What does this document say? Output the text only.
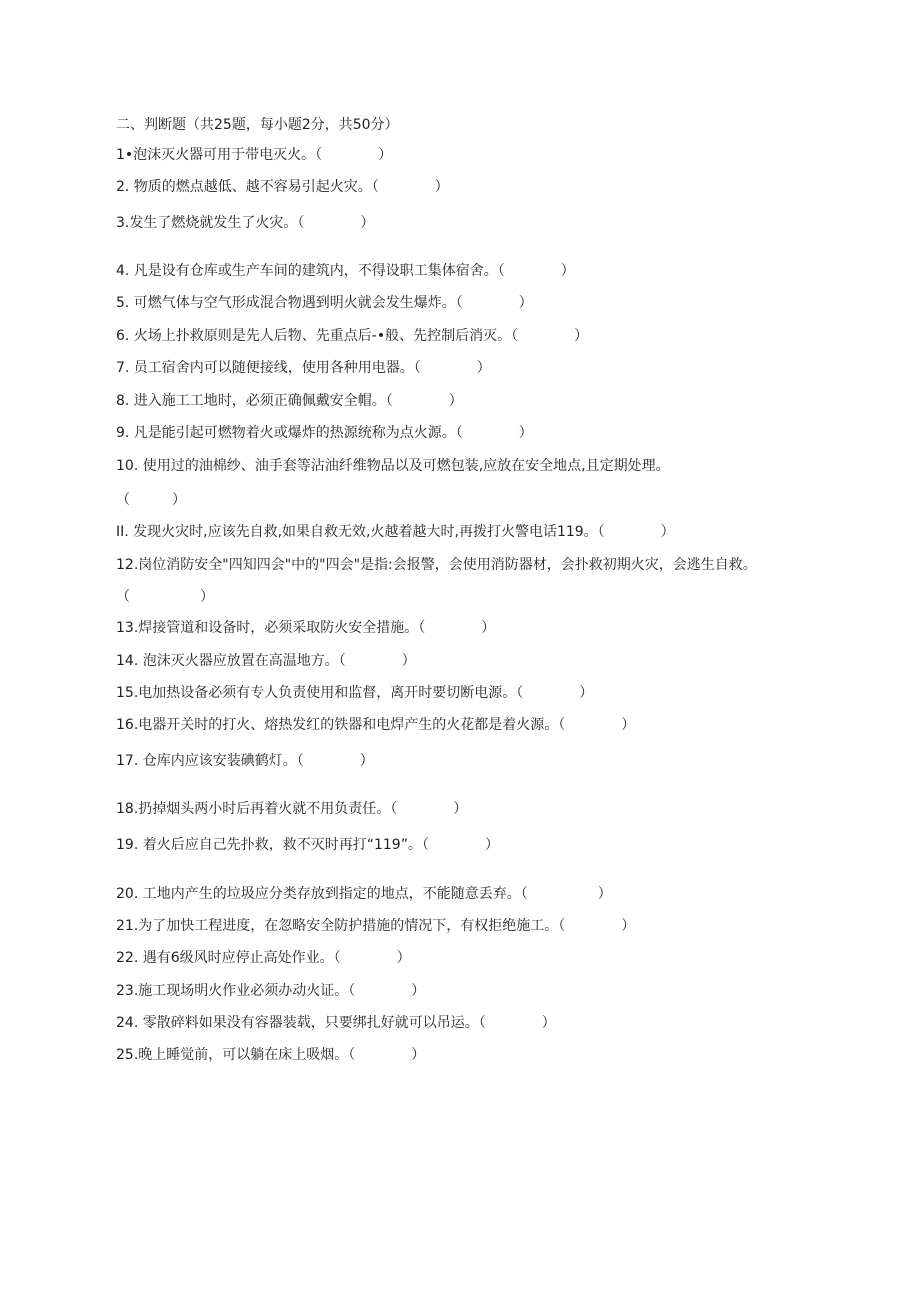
二、判断题（共25题，每小题2分，共50分）
1•泡沫灭火器可用于带电灭火。（　　　　）
2. 物质的燃点越低、越不容易引起火灾。（　　　　）
3.发生了燃烧就发生了火灾。（　　　　）
4. 凡是设有仓库或生产车间的建筑内，不得设职工集体宿舍。（　　　　）
5. 可燃气体与空气形成混合物遇到明火就会发生爆炸。（　　　　）
6. 火场上扑救原则是先人后物、先重点后-•般、先控制后消灭。（　　　　）
7. 员工宿舍内可以随便接线，使用各种用电器。（　　　　）
8. 进入施工工地时，必须正确佩戴安全帽。（　　　　）
9. 凡是能引起可燃物着火或爆炸的热源统称为点火源。（　　　　）
10. 使用过的油棉纱、油手套等沾油纤维物品以及可燃包装,应放在安全地点,且定期处理。
（　　　）
II. 发现火灾时,应该先自救,如果自救无效,火越着越大时,再拨打火警电话119。（　　　　）
12.岗位消防安全"四知四会"中的"四会"是指:会报警，会使用消防器材，会扑救初期火灾，会逃生自救。（　　　　　）
13.焊接管道和设备时，必须采取防火安全措施。（　　　　）
14. 泡沫灭火器应放置在高温地方。（　　　　）
15.电加热设备必须有专人负责使用和监督，离开时要切断电源。（　　　　）
16.电器开关时的打火、熔热发红的铁器和电焊产生的火花都是着火源。（　　　　）
17. 仓库内应该安装碘鹤灯。（　　　　）
18.扔掉烟头两小时后再着火就不用负责任。（　　　　）
19. 着火后应自己先扑救，救不灭时再打“119”。（　　　　）
20. 工地内产生的垃圾应分类存放到指定的地点，不能随意丢弃。（　　　　　）
21.为了加快工程进度，在忽略安全防护措施的情况下，有权拒绝施工。（　　　　）
22. 遇有6级风时应停止高处作业。（　　　　）
23.施工现场明火作业必须办动火证。（　　　　）
24. 零散碎料如果没有容器装载，只要绑扎好就可以吊运。（　　　　）
25.晚上睡觉前，可以躺在床上吸烟。（　　　　）
